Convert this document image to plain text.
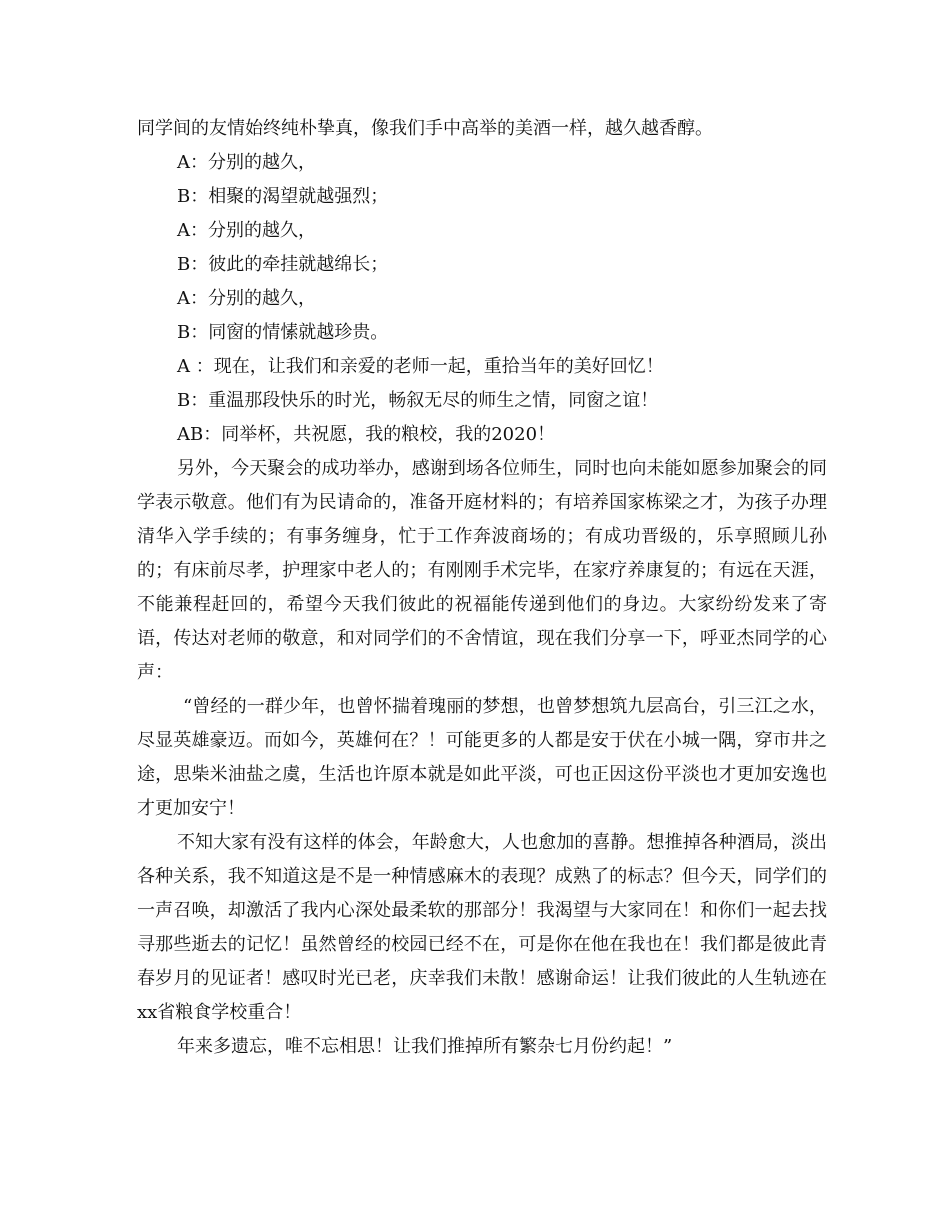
同学间的友情始终纯朴挚真，像我们手中高举的美酒一样，越久越香醇。

A：分别的越久，

B：相聚的渴望就越强烈；

A：分别的越久，

B：彼此的牵挂就越绵长；

A：分别的越久，

B：同窗的情愫就越珍贵。

A ：现在，让我们和亲爱的老师一起，重拾当年的美好回忆！

B：重温那段快乐的时光，畅叙无尽的师生之情，同窗之谊！

AB：同举杯，共祝愿，我的粮校，我的2020！

另外，今天聚会的成功举办，感谢到场各位师生，同时也向未能如愿参加聚会的同学表示敬意。他们有为民请命的，准备开庭材料的；有培养国家栋梁之才，为孩子办理清华入学手续的；有事务缠身，忙于工作奔波商场的；有成功晋级的，乐享照顾儿孙的；有床前尽孝，护理家中老人的；有刚刚手术完毕，在家疗养康复的；有远在天涯，不能兼程赶回的，希望今天我们彼此的祝福能传递到他们的身边。大家纷纷发来了寄语，传达对老师的敬意，和对同学们的不舍情谊，现在我们分享一下，呼亚杰同学的心声：

“曾经的一群少年，也曾怀揣着瑰丽的梦想，也曾梦想筑九层高台，引三江之水，尽显英雄豪迈。而如今，英雄何在？！可能更多的人都是安于伏在小城一隅，穿市井之途，思柴米油盐之虞，生活也许原本就是如此平淡，可也正因这份平淡也才更加安逸也才更加安宁！

不知大家有没有这样的体会，年龄愈大，人也愈加的喜静。想推掉各种酒局，淡出各种关系，我不知道这是不是一种情感麻木的表现？成熟了的标志？但今天，同学们的一声召唤，却激活了我内心深处最柔软的那部分！我渴望与大家同在！和你们一起去找寻那些逝去的记忆！虽然曾经的校园已经不在，可是你在他在我也在！我们都是彼此青春岁月的见证者！感叹时光已老，庆幸我们未散！感谢命运！让我们彼此的人生轨迹在xx省粮食学校重合！

年来多遗忘，唯不忘相思！让我们推掉所有繁杂七月份约起！”
